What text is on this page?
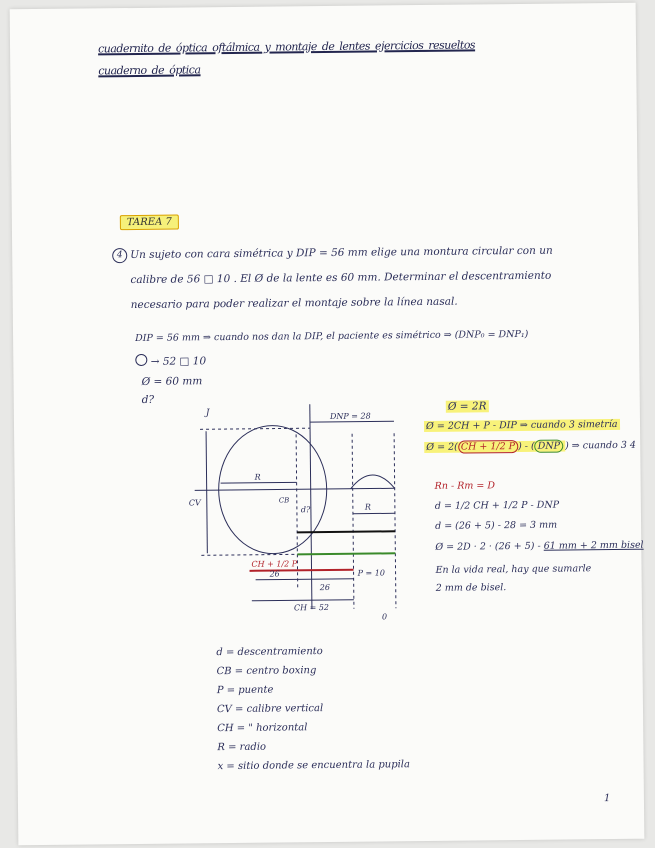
cuadernito_de_óptica_oftálmica_y_montaje_de_lentes_ejercicios_resueltos
cuaderno_de_óptica
TAREA 7
4 Un sujeto con cara simétrica y DIP = 56 mm elige una montura circular con un
calibre de 56 □ 10 . El Ø de la lente es 60 mm. Determinar el descentramiento
necesario para poder realizar el montaje sobre la línea nasal.
DIP = 56 mm ⇒ cuando nos dan la DIP, el paciente es simétrico ⇒ (DNP₀ = DNP₁)
→ 52 □ 10
Ø = 60 mm
d?
J	DNP = 28
R
CB
d?
CV	R
CH + 1/2 P
26
26
P = 10
CH = 52
0
Ø = 2R
Ø = 2CH + P - DIP ⇒ cuando 3 simetría
Ø = 2( CH + 1/2 P ) - ( DNP ) ⇒ cuando 3 4
Rn - Rm = D
d = 1/2 CH + 1/2 P - DNP
d = (26 + 5) - 28 = 3 mm
Ø = 2D · 2 · (26 + 5) - 61 mm + 2 mm bisel
En la vida real, hay que sumarle
2 mm de bisel.
d = descentramiento
CB = centro boxing
P = puente
CV = calibre vertical
CH = " horizontal
R = radio
x = sitio donde se encuentra la pupila
1
